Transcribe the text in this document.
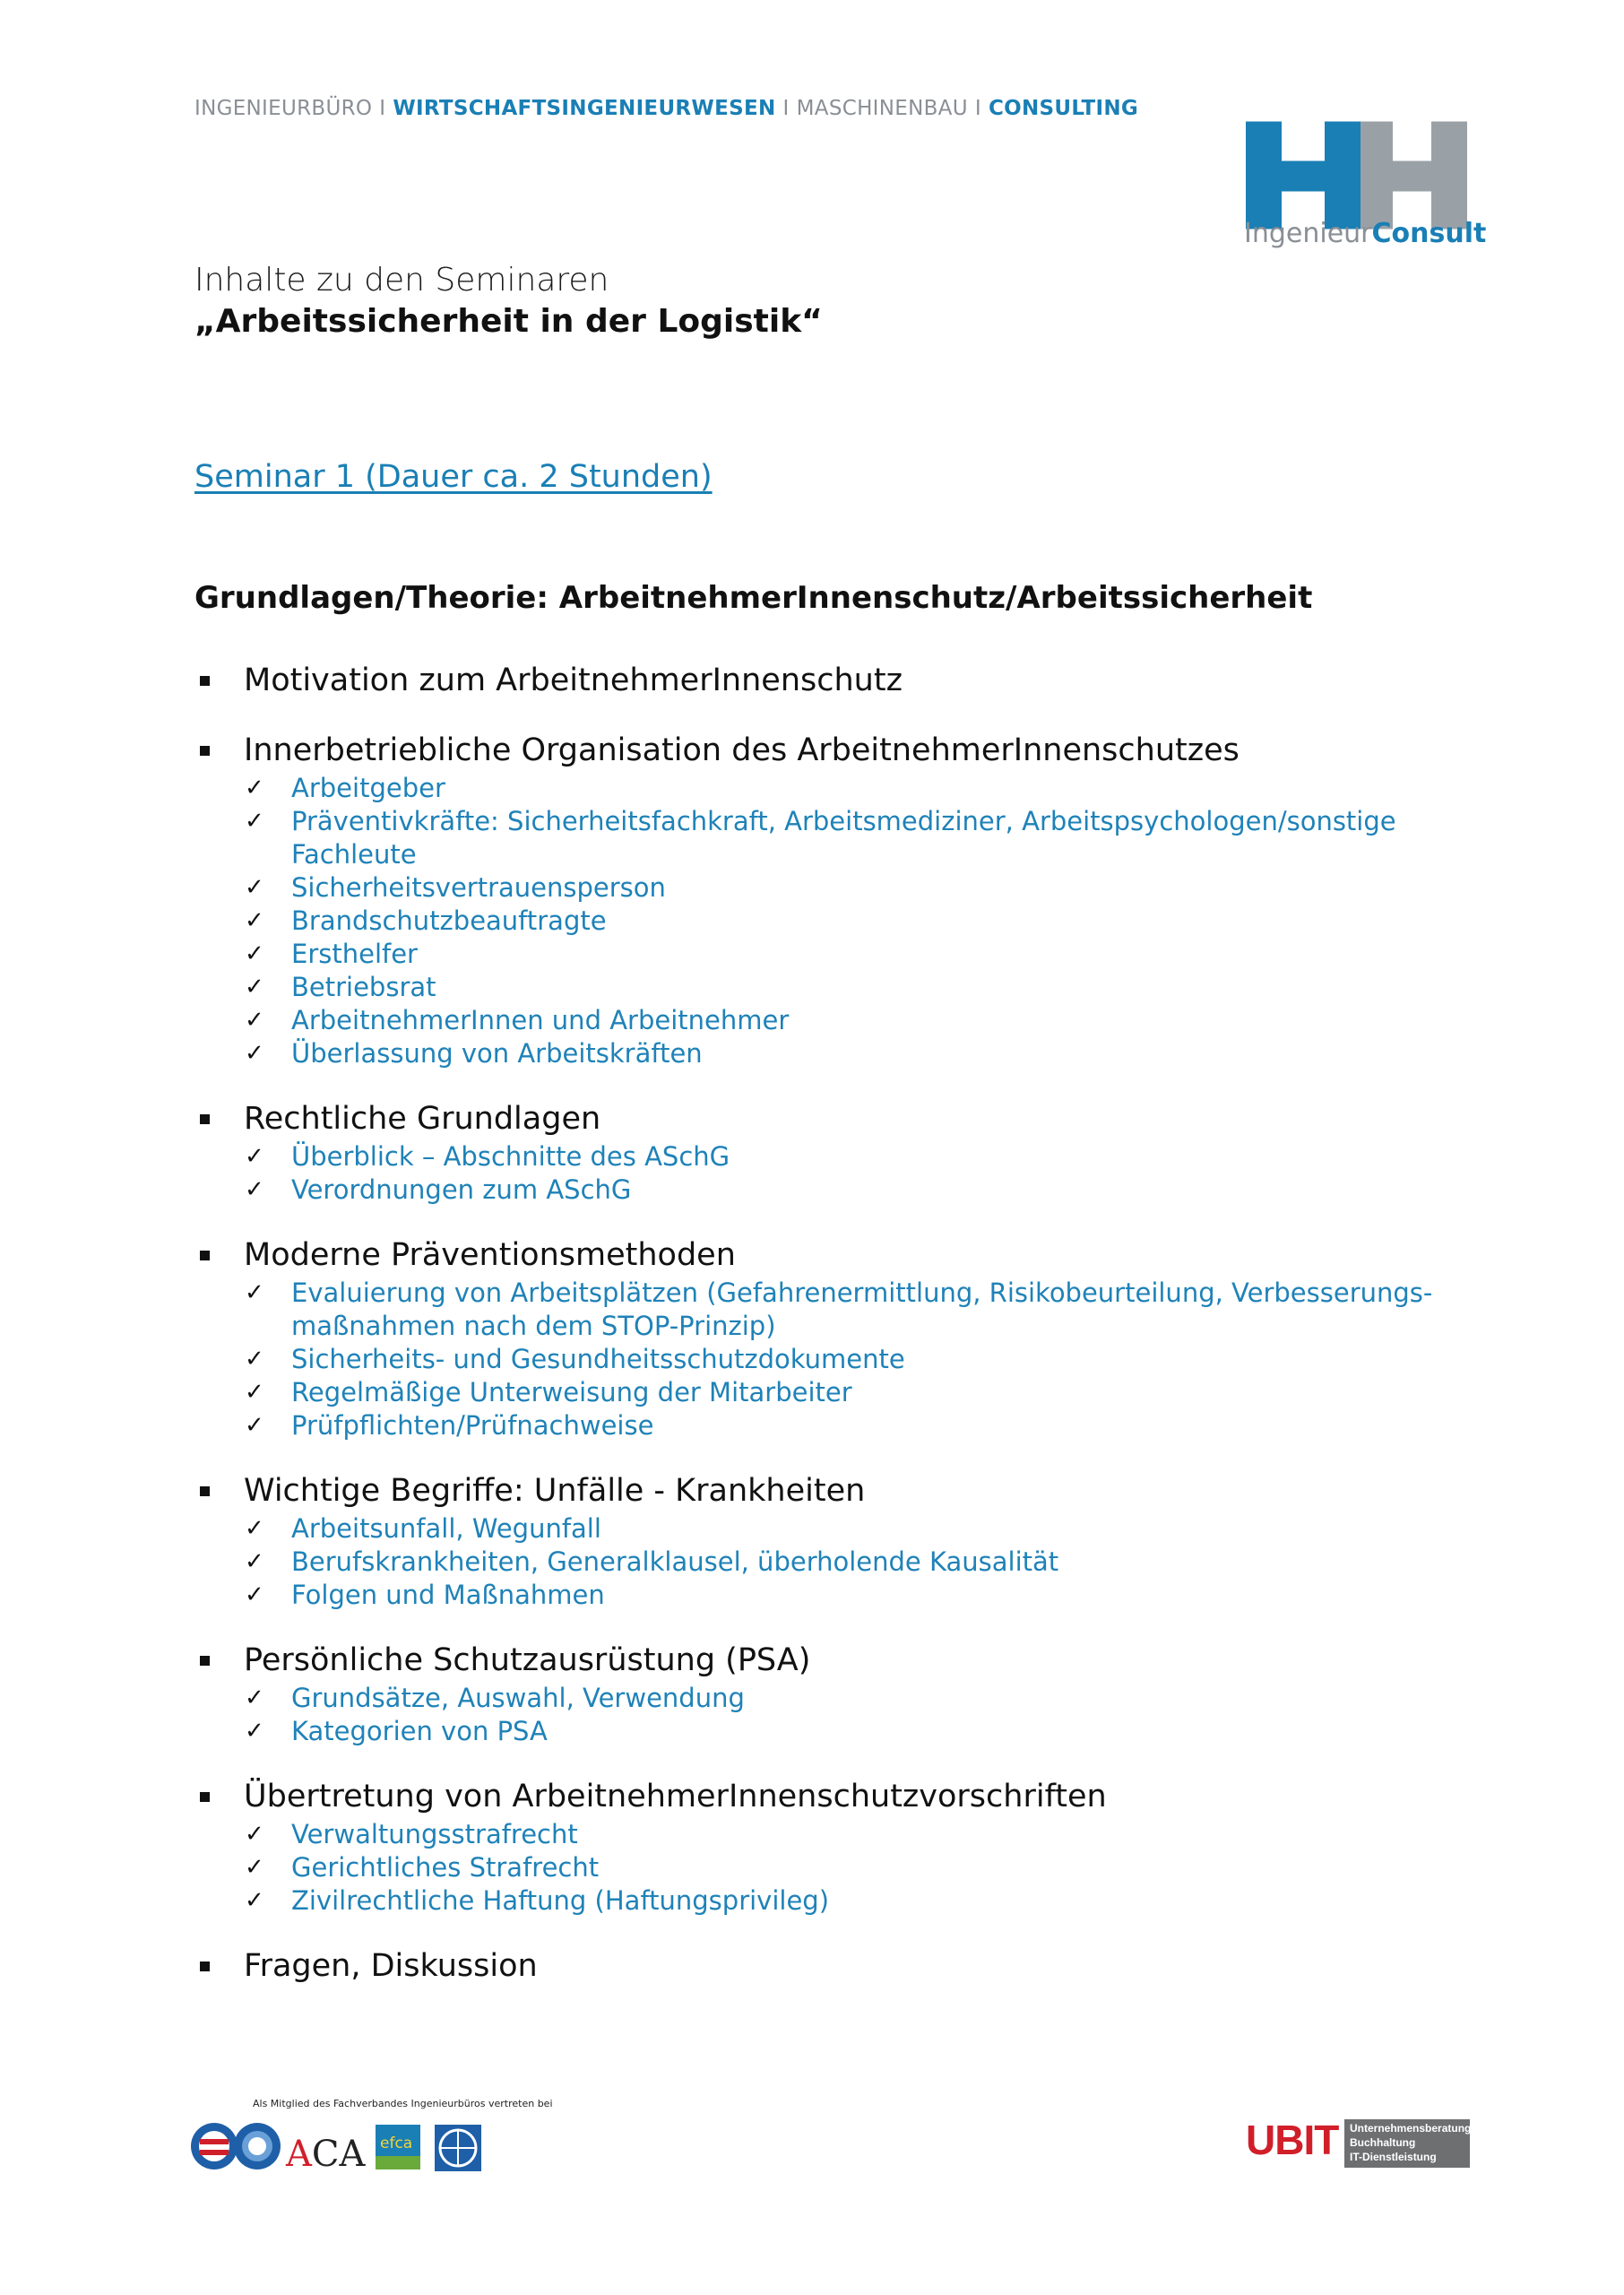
INGENIEURBÜRO I WIRTSCHAFTSINGENIEURWESEN I MASCHINENBAU I CONSULTING
IngenieurConsult
Inhalte zu den Seminaren
„Arbeitssicherheit in der Logistik“
Seminar 1 (Dauer ca. 2 Stunden)
Grundlagen/Theorie: ArbeitnehmerInnenschutz/Arbeitssicherheit
Motivation zum ArbeitnehmerInnenschutz
Innerbetriebliche Organisation des ArbeitnehmerInnenschutzes
✓	Arbeitgeber
✓	Präventivkräfte: Sicherheitsfachkraft, Arbeitsmediziner, Arbeitspsychologen/sonstige Fachleute
✓	Sicherheitsvertrauensperson
✓	Brandschutzbeauftragte
✓	Ersthelfer
✓	Betriebsrat
✓	ArbeitnehmerInnen und Arbeitnehmer
✓	Überlassung von Arbeitskräften
Rechtliche Grundlagen
✓	Überblick – Abschnitte des ASchG
✓	Verordnungen zum ASchG
Moderne Präventionsmethoden
✓	Evaluierung von Arbeitsplätzen (Gefahrenermittlung, Risikobeurteilung, Verbesserungs-maßnahmen nach dem STOP-Prinzip)
✓	Sicherheits- und Gesundheitsschutzdokumente
✓	Regelmäßige Unterweisung der Mitarbeiter
✓	Prüfpflichten/Prüfnachweise
Wichtige Begriffe: Unfälle - Krankheiten
✓	Arbeitsunfall, Wegunfall
✓	Berufskrankheiten, Generalklausel, überholende Kausalität
✓	Folgen und Maßnahmen
Persönliche Schutzausrüstung (PSA)
✓	Grundsätze, Auswahl, Verwendung
✓	Kategorien von PSA
Übertretung von ArbeitnehmerInnenschutzvorschriften
✓	Verwaltungsstrafrecht
✓	Gerichtliches Strafrecht
✓	Zivilrechtliche Haftung (Haftungsprivileg)
Fragen, Diskussion
Als Mitglied des Fachverbandes Ingenieurbüros vertreten bei
ACA efca	UBIT Unternehmensberatung
Buchhaltung
IT-Dienstleistung
